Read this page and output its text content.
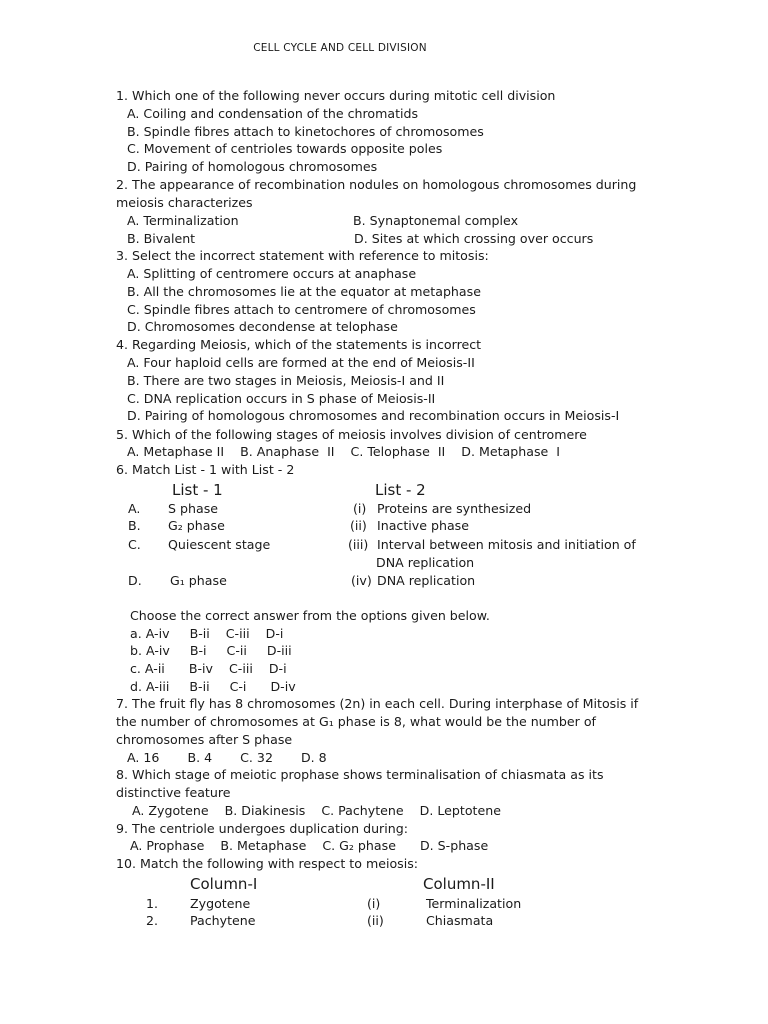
CELL CYCLE AND CELL DIVISION
1. Which one of the following never occurs during mitotic cell division
A. Coiling and condensation of the chromatids
B. Spindle fibres attach to kinetochores of chromosomes
C. Movement of centrioles towards opposite poles
D. Pairing of homologous chromosomes
2. The appearance of recombination nodules on homologous chromosomes during
meiosis characterizes
A. Terminalization	B. Synaptonemal complex
B. Bivalent	D. Sites at which crossing over occurs
3. Select the incorrect statement with reference to mitosis:
A. Splitting of centromere occurs at anaphase
B. All the chromosomes lie at the equator at metaphase
C. Spindle fibres attach to centromere of chromosomes
D. Chromosomes decondense at telophase
4. Regarding Meiosis, which of the statements is incorrect
A. Four haploid cells are formed at the end of Meiosis-II
B. There are two stages in Meiosis, Meiosis-I and II
C. DNA replication occurs in S phase of Meiosis-II
D. Pairing of homologous chromosomes and recombination occurs in Meiosis-I
5. Which of the following stages of meiosis involves division of centromere
A. Metaphase II    B. Anaphase  II    C. Telophase  II    D. Metaphase  I
6. Match List - 1 with List - 2
List - 1	List - 2
A. S phase	(i) Proteins are synthesized
B. G₂ phase	(ii) Inactive phase
C. Quiescent stage	(iii) Interval between mitosis and initiation of
DNA replication
D. G₁ phase	(iv) DNA replication
Choose the correct answer from the options given below.
a. A-iv     B-ii    C-iii    D-i
b. A-iv     B-i     C-ii     D-iii
c. A-ii      B-iv    C-iii    D-i
d. A-iii     B-ii     C-i      D-iv
7. The fruit fly has 8 chromosomes (2n) in each cell. During interphase of Mitosis if
the number of chromosomes at G₁ phase is 8, what would be the number of
chromosomes after S phase
A. 16       B. 4       C. 32       D. 8
8. Which stage of meiotic prophase shows terminalisation of chiasmata as its
distinctive feature
A. Zygotene    B. Diakinesis    C. Pachytene    D. Leptotene
9. The centriole undergoes duplication during:
A. Prophase    B. Metaphase    C. G₂ phase      D. S-phase
10. Match the following with respect to meiosis:
Column-I	Column-II
1.	Zygotene	(i)	Terminalization
2.	Pachytene	(ii)	Chiasmata
